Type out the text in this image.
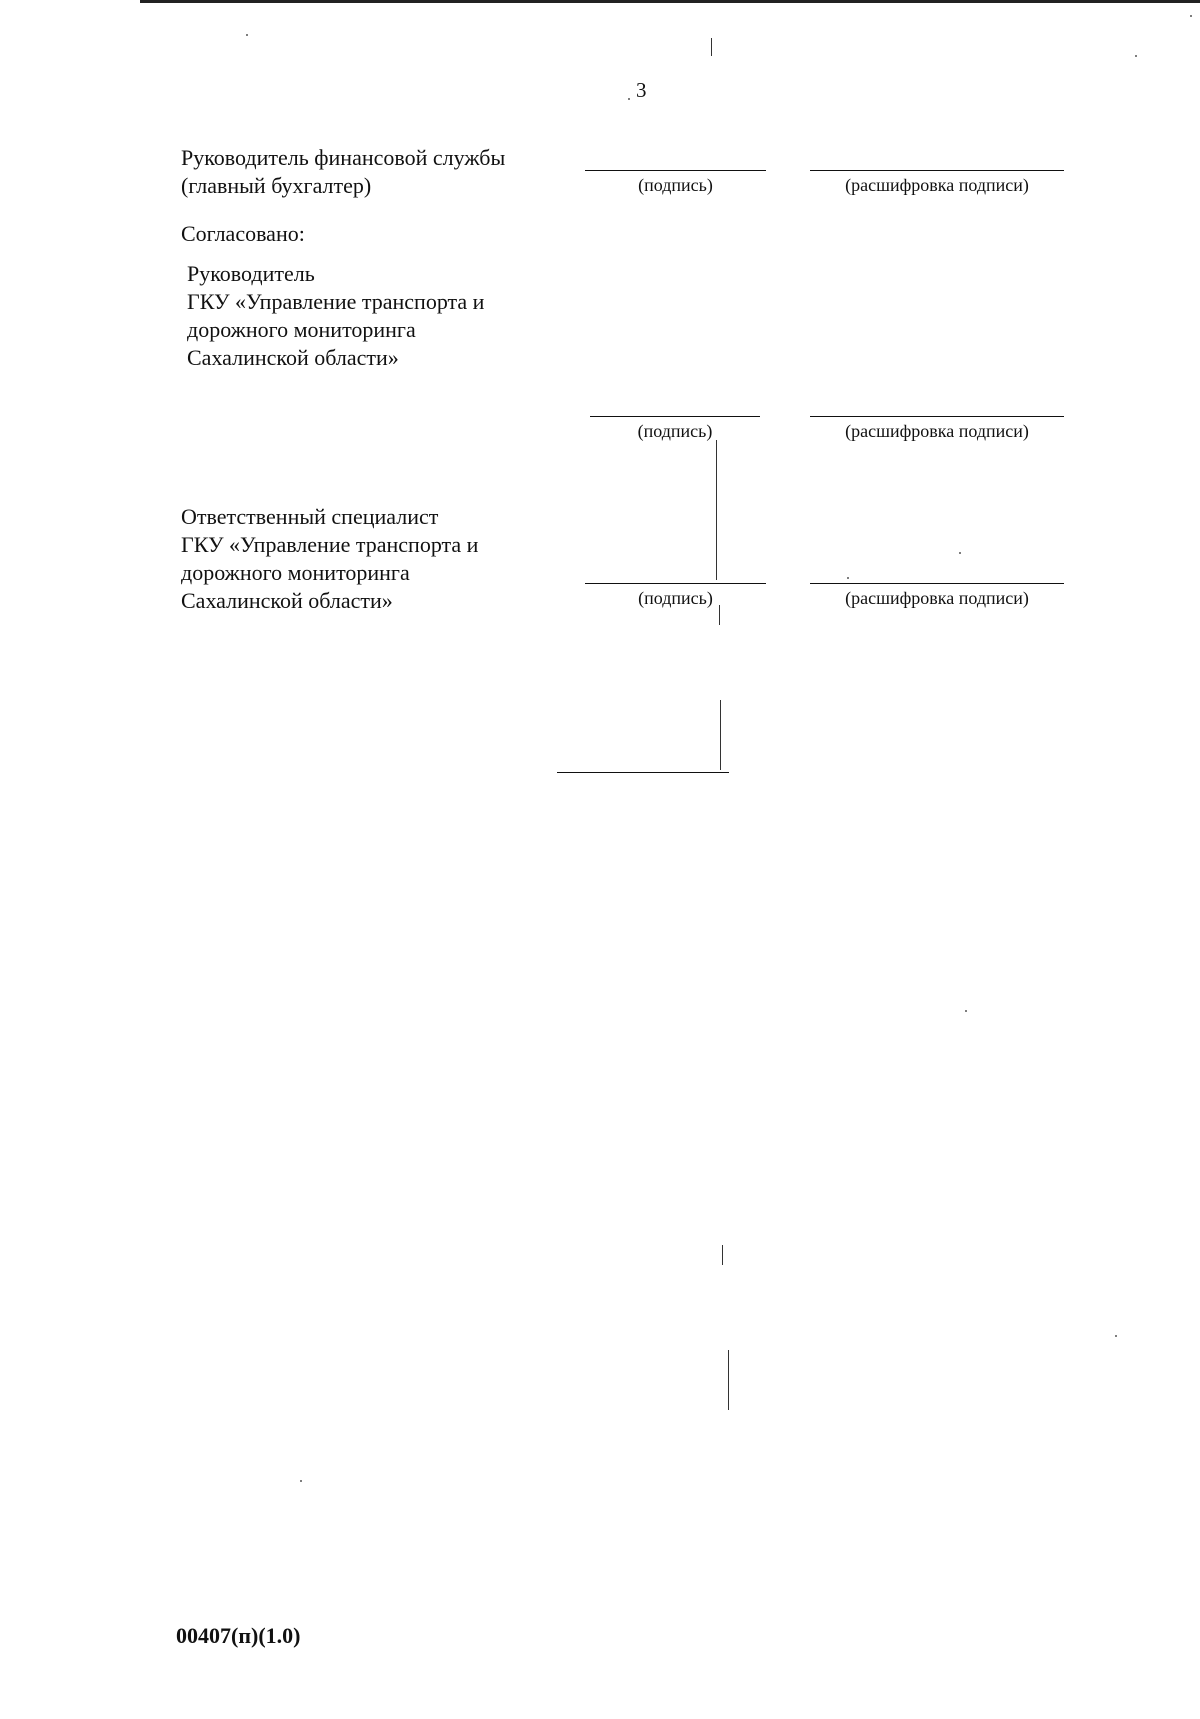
3
Руководитель финансовой службы
(главный бухгалтер)	(подпись)	(расшифровка подписи)
Согласовано:
Руководитель
ГКУ «Управление транспорта и
дорожного мониторинга
Сахалинской области»
(подпись)	(расшифровка подписи)
Ответственный специалист
ГКУ «Управление транспорта и
дорожного мониторинга
Сахалинской области»	(подпись)	(расшифровка подписи)
00407(п)(1.0)
